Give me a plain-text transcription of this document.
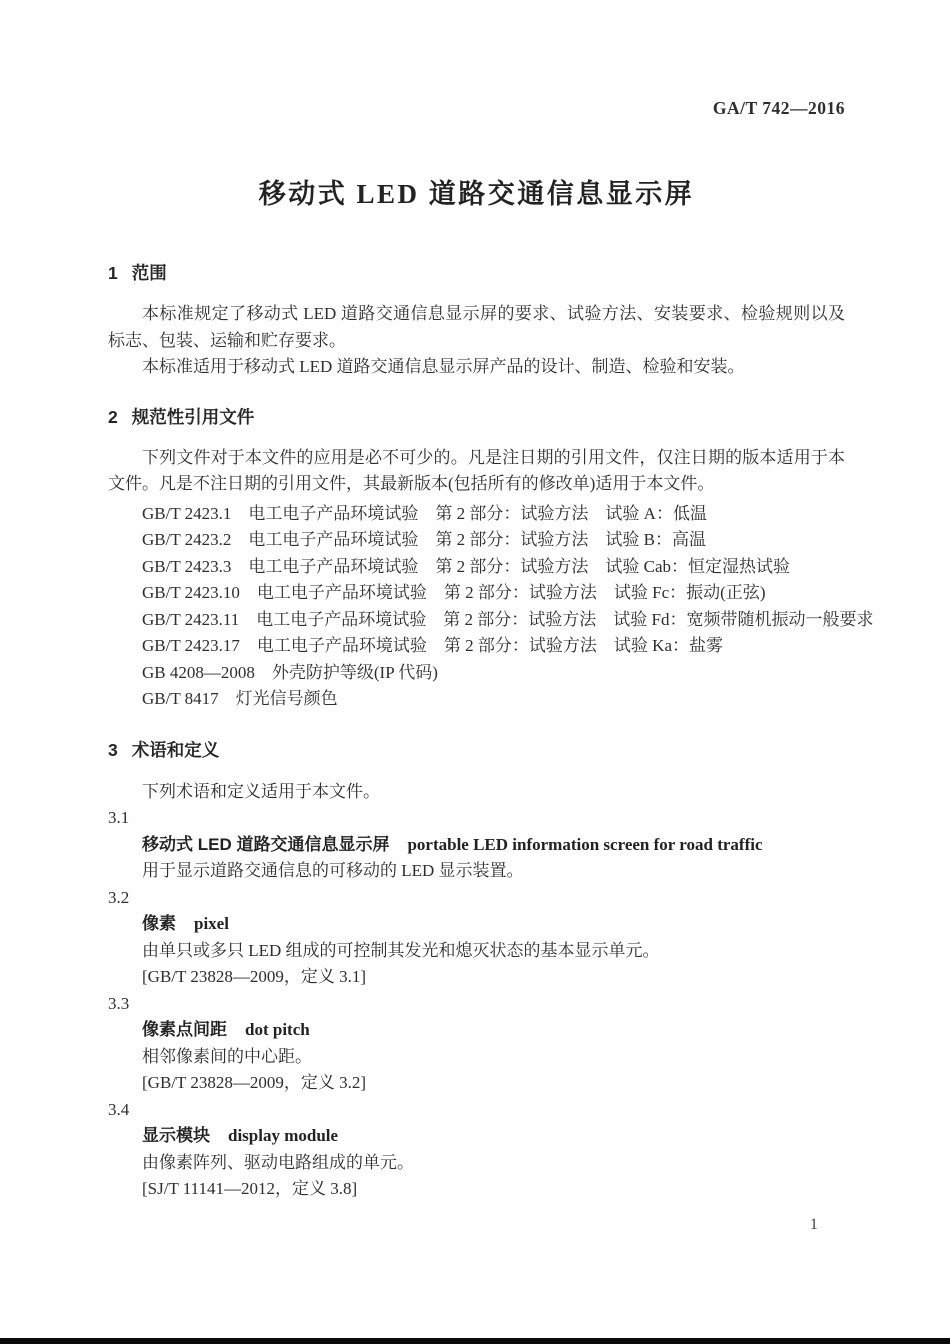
GA/T 742—2016
移动式 LED 道路交通信息显示屏
1 范围

本标准规定了移动式 LED 道路交通信息显示屏的要求、试验方法、安装要求、检验规则以及标志、包装、运输和贮存要求。

本标准适用于移动式 LED 道路交通信息显示屏产品的设计、制造、检验和安装。

2 规范性引用文件

下列文件对于本文件的应用是必不可少的。凡是注日期的引用文件，仅注日期的版本适用于本文件。凡是不注日期的引用文件，其最新版本(包括所有的修改单)适用于本文件。

GB/T 2423.1　电工电子产品环境试验　第 2 部分：试验方法　试验 A：低温

GB/T 2423.2　电工电子产品环境试验　第 2 部分：试验方法　试验 B：高温

GB/T 2423.3　电工电子产品环境试验　第 2 部分：试验方法　试验 Cab：恒定湿热试验

GB/T 2423.10　电工电子产品环境试验　第 2 部分：试验方法　试验 Fc：振动(正弦)

GB/T 2423.11　电工电子产品环境试验　第 2 部分：试验方法　试验 Fd：宽频带随机振动一般要求

GB/T 2423.17　电工电子产品环境试验　第 2 部分：试验方法　试验 Ka：盐雾

GB 4208—2008　外壳防护等级(IP 代码)

GB/T 8417　灯光信号颜色

3 术语和定义

下列术语和定义适用于本文件。

3.1

移动式 LED 道路交通信息显示屏 portable LED information screen for road traffic

用于显示道路交通信息的可移动的 LED 显示装置。

3.2

像素 pixel

由单只或多只 LED 组成的可控制其发光和熄灭状态的基本显示单元。

[GB/T 23828—2009，定义 3.1]

3.3

像素点间距 dot pitch

相邻像素间的中心距。

[GB/T 23828—2009，定义 3.2]

3.4

显示模块 display module

由像素阵列、驱动电路组成的单元。

[SJ/T 11141—2012，定义 3.8]

1
